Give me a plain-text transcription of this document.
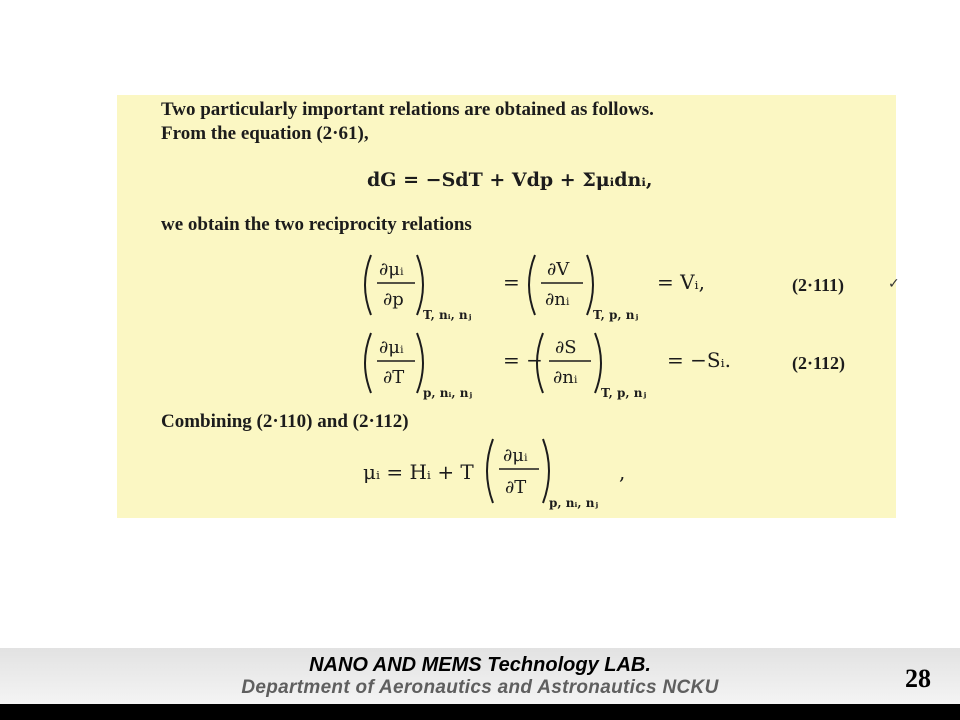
Two particularly important relations are obtained as follows.
From the equation (2·61),
dG = −SdT + Vdp + Σμᵢdnᵢ,
we obtain the two reciprocity relations
∂μᵢ
∂p
T, nᵢ, nⱼ
=
∂V
∂nᵢ
T, p, nⱼ
= Vᵢ,	(2·111)
∂μᵢ
∂T
p, nᵢ, nⱼ
= −
∂S
∂nᵢ
T, p, nⱼ
= −Sᵢ.	(2·112)
Combining (2·110) and (2·112)
μᵢ = Hᵢ + T
∂μᵢ
∂T
p, nᵢ, nⱼ
,
✓
NANO AND MEMS Technology LAB.
Department of Aeronautics and Astronautics NCKU	28
